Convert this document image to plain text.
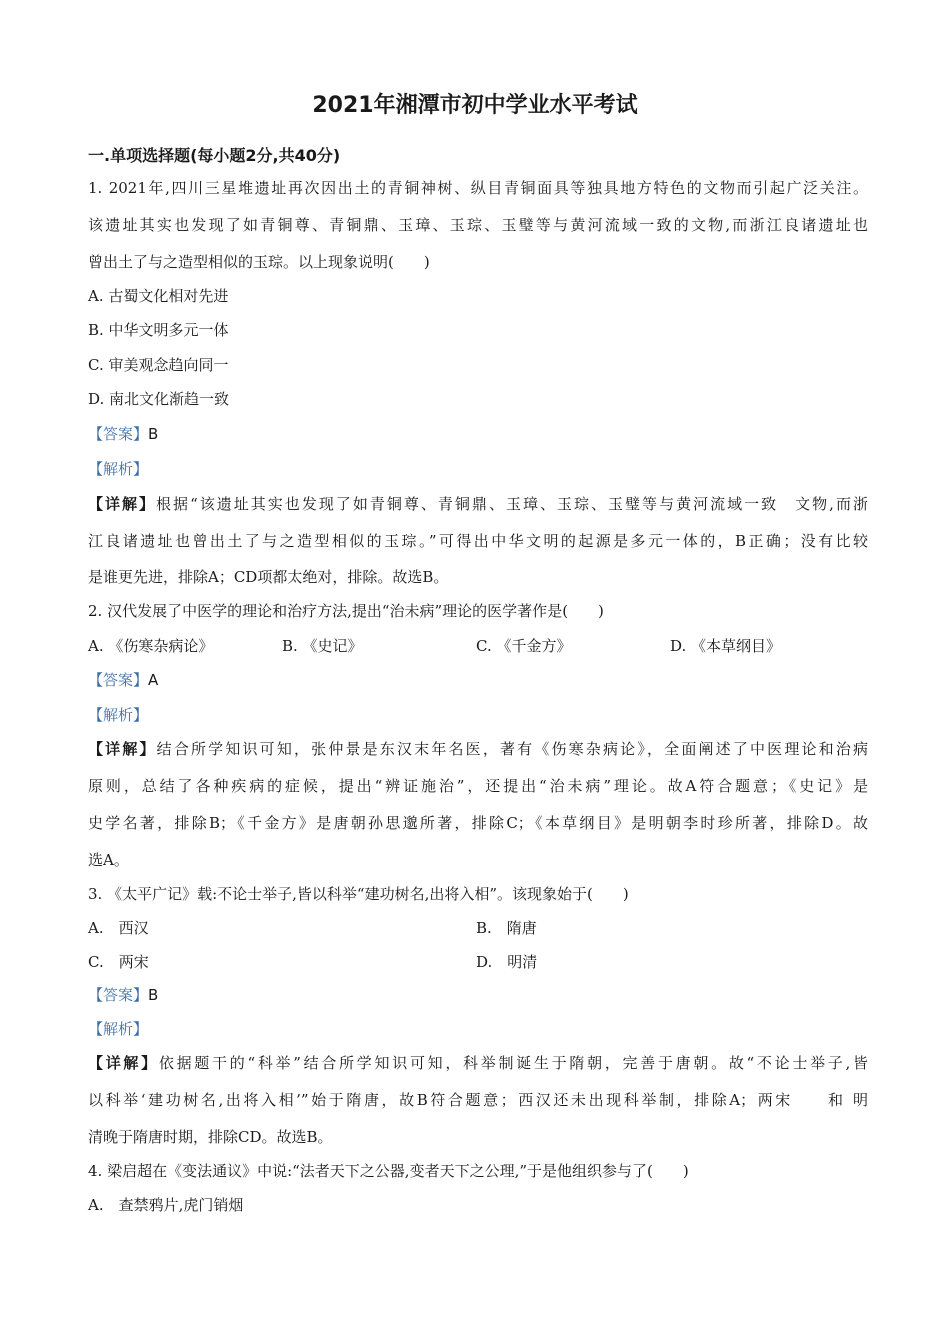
2021年湘潭市初中学业水平考试
一.单项选择题(每小题2分,共40分)
1. 2021年,四川三星堆遗址再次因出土的青铜神树、纵目青铜面具等独具地方特色的文物而引起广泛关注。
该遗址其实也发现了如青铜尊、青铜鼎、玉璋、玉琮、玉璧等与黄河流域一致的文物,而浙江良诸遗址也
曾出土了与之造型相似的玉琮。以上现象说明(　　)
A. 古蜀文化相对先进
B. 中华文明多元一体
C. 审美观念趋向同一
D. 南北文化渐趋一致
【答案】B
【解析】
【详解】根据“该遗址其实也发现了如青铜尊、青铜鼎、玉璋、玉琮、玉璧等与黄河流域一致　文物,而浙
江良诸遗址也曾出土了与之造型相似的玉琮。”可得出中华文明的起源是多元一体的，B正确；没有比较
是谁更先进，排除A；CD项都太绝对，排除。故选B。
2. 汉代发展了中医学的理论和治疗方法,提出“治未病”理论的医学著作是(　　)
A. 《伤寒杂病论》	B. 《史记》	C. 《千金方》	D. 《本草纲目》
【答案】A
【解析】
【详解】结合所学知识可知，张仲景是东汉末年名医，著有《伤寒杂病论》，全面阐述了中医理论和治病
原则，总结了各种疾病的症候，提出“辨证施治”，还提出“治未病”理论。故A符合题意；《史记》是
史学名著，排除B；《千金方》是唐朝孙思邈所著，排除C；《本草纲目》是明朝李时珍所著，排除D。故
选A。
3. 《太平广记》载:不论士举子,皆以科举“建功树名,出将入相”。该现象始于(　　)
A.　西汉	B.　隋唐
C.　两宋	D.　明清
【答案】B
【解析】
【详解】依据题干的“科举”结合所学知识可知，科举制诞生于隋朝，完善于唐朝。故“不论士举子,皆
以科举‘建功树名,出将入相’”始于隋唐，故B符合题意；西汉还未出现科举制，排除A；两宋　　和 明
清晚于隋唐时期，排除CD。故选B。
4. 梁启超在《变法通议》中说:“法者天下之公器,变者天下之公理,”于是他组织参与了(　　)
A.　查禁鸦片,虎门销烟
